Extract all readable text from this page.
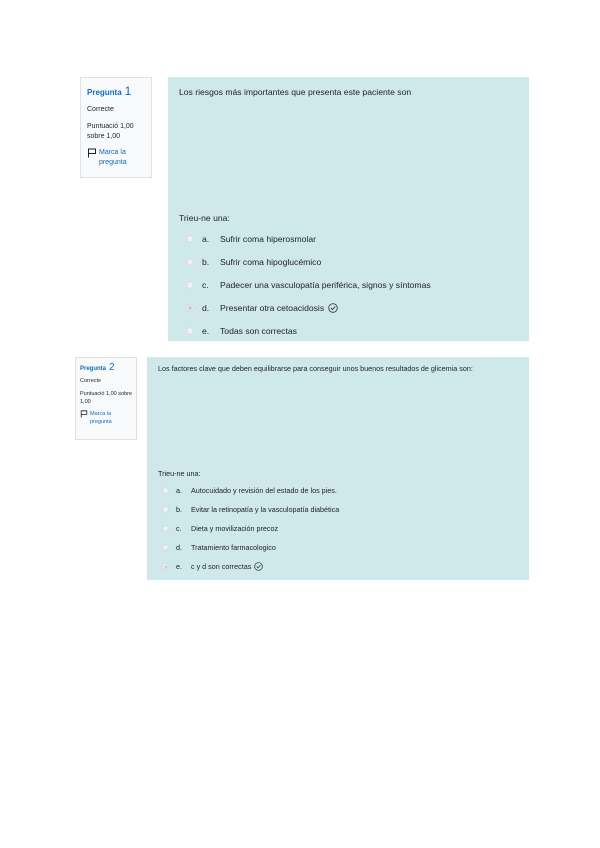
Pregunta 1
Correcte
Puntuació 1,00 sobre 1,00
Marca la pregunta
Los riesgos más importantes que presenta este paciente son
Trieu-ne una:
a.	Sufrir coma hiperosmolar
b.	Sufrir coma hipoglucémico
c.	Padecer una vasculopatía periférica, signos y síntomas
d.	Presentar otra cetoacidosis
e.	Todas son correctas
Pregunta 2
Correcte
Puntuació 1,00 sobre 1,00
Marca la pregunta
Los factores clave que deben equilibrarse para conseguir unos buenos resultados de glicemia son:
Trieu-ne una:
a.	Autocuidado y revisión del estado de los pies.
b.	Evitar la retinopatía y la vasculopatía diabética
c.	Dieta y movilización precoz
d.	Tratamiento farmacologico
e.	c y d son correctas
